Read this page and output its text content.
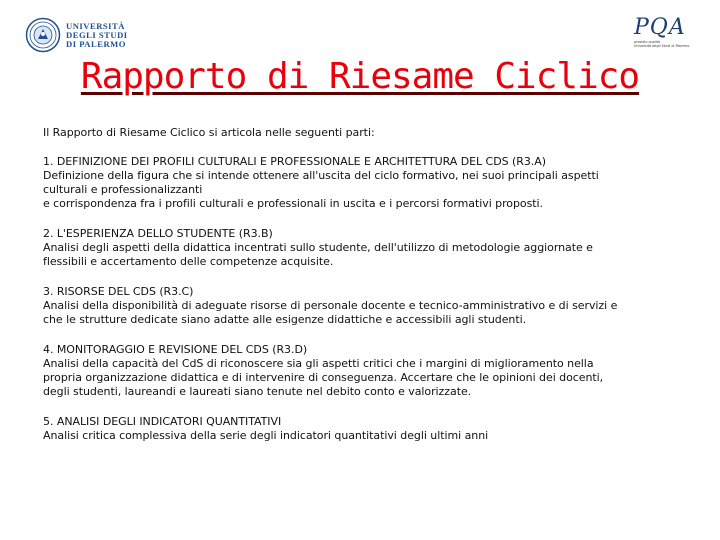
UNIVERSITÀ
DEGLI STUDI
DI PALERMO
PQA
presidio qualità
Università degli Studi di Palermo
Rapporto di Riesame Ciclico

Il Rapporto di Riesame Ciclico si articola nelle seguenti parti:

1. DEFINIZIONE DEI PROFILI CULTURALI E PROFESSIONALE E ARCHITETTURA DEL CDS (R3.A)

Definizione della figura che si intende ottenere all'uscita del ciclo formativo, nei suoi principali aspetti culturali e professionalizzanti

e corrispondenza fra i profili culturali e professionali in uscita e i percorsi formativi proposti.

2. L'ESPERIENZA DELLO STUDENTE (R3.B)

Analisi degli aspetti della didattica incentrati sullo studente, dell'utilizzo di metodologie aggiornate e flessibili e accertamento delle competenze acquisite.

3. RISORSE DEL CDS (R3.C)

Analisi della disponibilità di adeguate risorse di personale docente e tecnico-amministrativo e di servizi e che le strutture dedicate siano adatte alle esigenze didattiche e accessibili agli studenti.

4. MONITORAGGIO E REVISIONE DEL CDS (R3.D)

Analisi della capacità del CdS di riconoscere sia gli aspetti critici che i margini di miglioramento nella propria organizzazione didattica e di intervenire di conseguenza. Accertare che le opinioni dei docenti, degli studenti, laureandi e laureati siano tenute nel debito conto e valorizzate.

5. ANALISI DEGLI INDICATORI QUANTITATIVI

Analisi critica complessiva della serie degli indicatori quantitativi degli ultimi anni
